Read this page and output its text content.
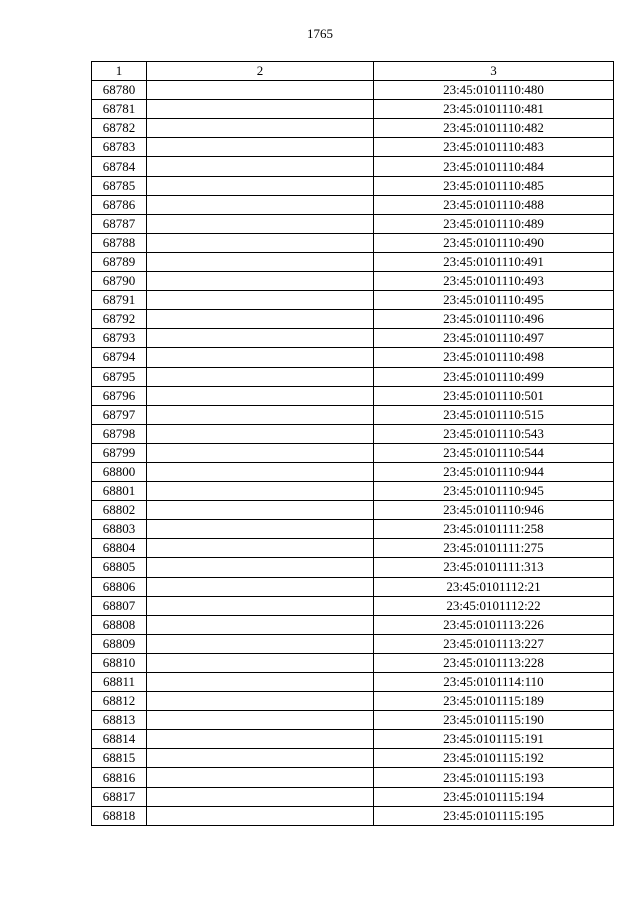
1765
1	2	3
68780		23:45:0101110:480
68781		23:45:0101110:481
68782		23:45:0101110:482
68783		23:45:0101110:483
68784		23:45:0101110:484
68785		23:45:0101110:485
68786		23:45:0101110:488
68787		23:45:0101110:489
68788		23:45:0101110:490
68789		23:45:0101110:491
68790		23:45:0101110:493
68791		23:45:0101110:495
68792		23:45:0101110:496
68793		23:45:0101110:497
68794		23:45:0101110:498
68795		23:45:0101110:499
68796		23:45:0101110:501
68797		23:45:0101110:515
68798		23:45:0101110:543
68799		23:45:0101110:544
68800		23:45:0101110:944
68801		23:45:0101110:945
68802		23:45:0101110:946
68803		23:45:0101111:258
68804		23:45:0101111:275
68805		23:45:0101111:313
68806		23:45:0101112:21
68807		23:45:0101112:22
68808		23:45:0101113:226
68809		23:45:0101113:227
68810		23:45:0101113:228
68811		23:45:0101114:110
68812		23:45:0101115:189
68813		23:45:0101115:190
68814		23:45:0101115:191
68815		23:45:0101115:192
68816		23:45:0101115:193
68817		23:45:0101115:194
68818		23:45:0101115:195
